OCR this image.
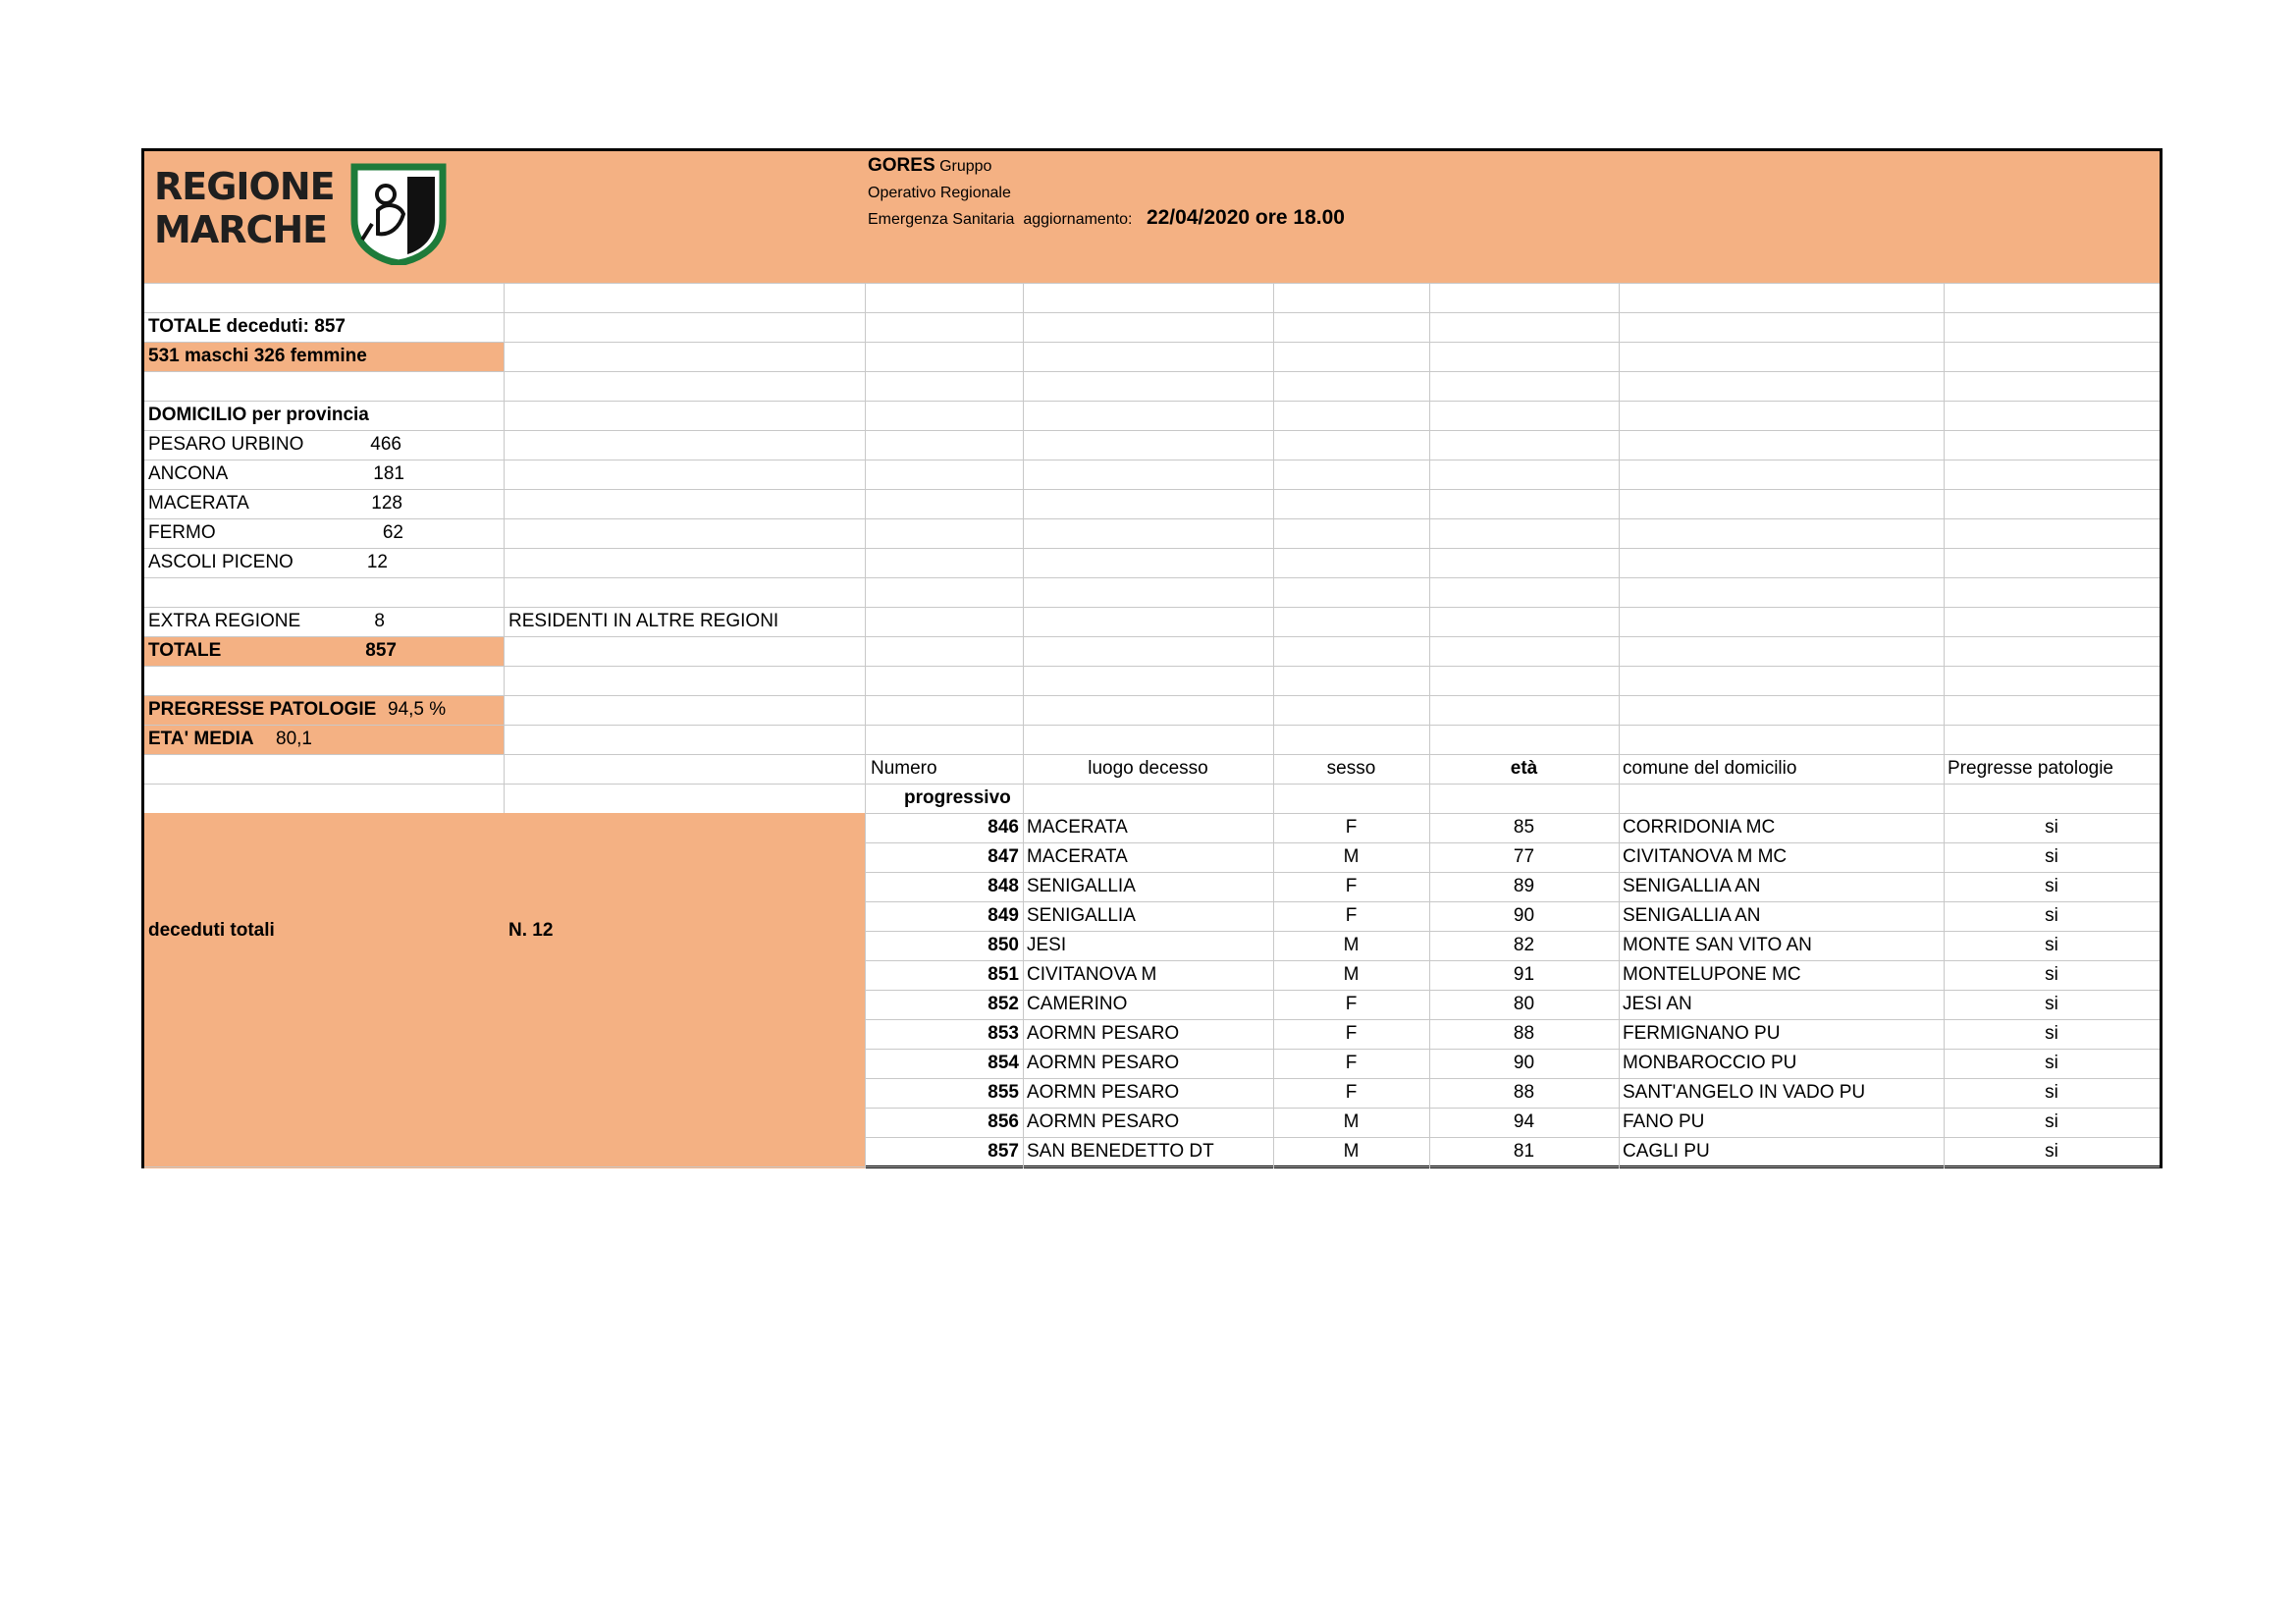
REGIONE
MARCHE
GORES Gruppo
Operativo Regionale
Emergenza Sanitaria aggiornamento: 22/04/2020 ore 18.00
TOTALE deceduti: 857
531 maschi 326 femmine
DOMICILIO per provincia
PESARO URBINO	466
ANCONA	181
MACERATA	128
FERMO	62
ASCOLI PICENO	12
EXTRA REGIONE	8	RESIDENTI IN ALTRE REGIONI
TOTALE	857
PREGRESSE PATOLOGIE 94,5 %
ETA' MEDIA 80,1
deceduti totali	N. 12
Numero
progressivo
luogo decesso	sesso	età	comune del domicilio	Pregresse patologie
846 MACERATA	F	85	CORRIDONIA MC	si
847 MACERATA	M	77	CIVITANOVA M MC	si
848 SENIGALLIA	F	89	SENIGALLIA AN	si
849 SENIGALLIA	F	90	SENIGALLIA AN	si
850 JESI	M	82	MONTE SAN VITO AN	si
851 CIVITANOVA M	M	91	MONTELUPONE MC	si
852 CAMERINO	F	80	JESI AN	si
853 AORMN PESARO	F	88	FERMIGNANO PU	si
854 AORMN PESARO	F	90	MONBAROCCIO PU	si
855 AORMN PESARO	F	88	SANT'ANGELO IN VADO PU	si
856 AORMN PESARO	M	94	FANO PU	si
857 SAN BENEDETTO DT	M	81	CAGLI PU	si
